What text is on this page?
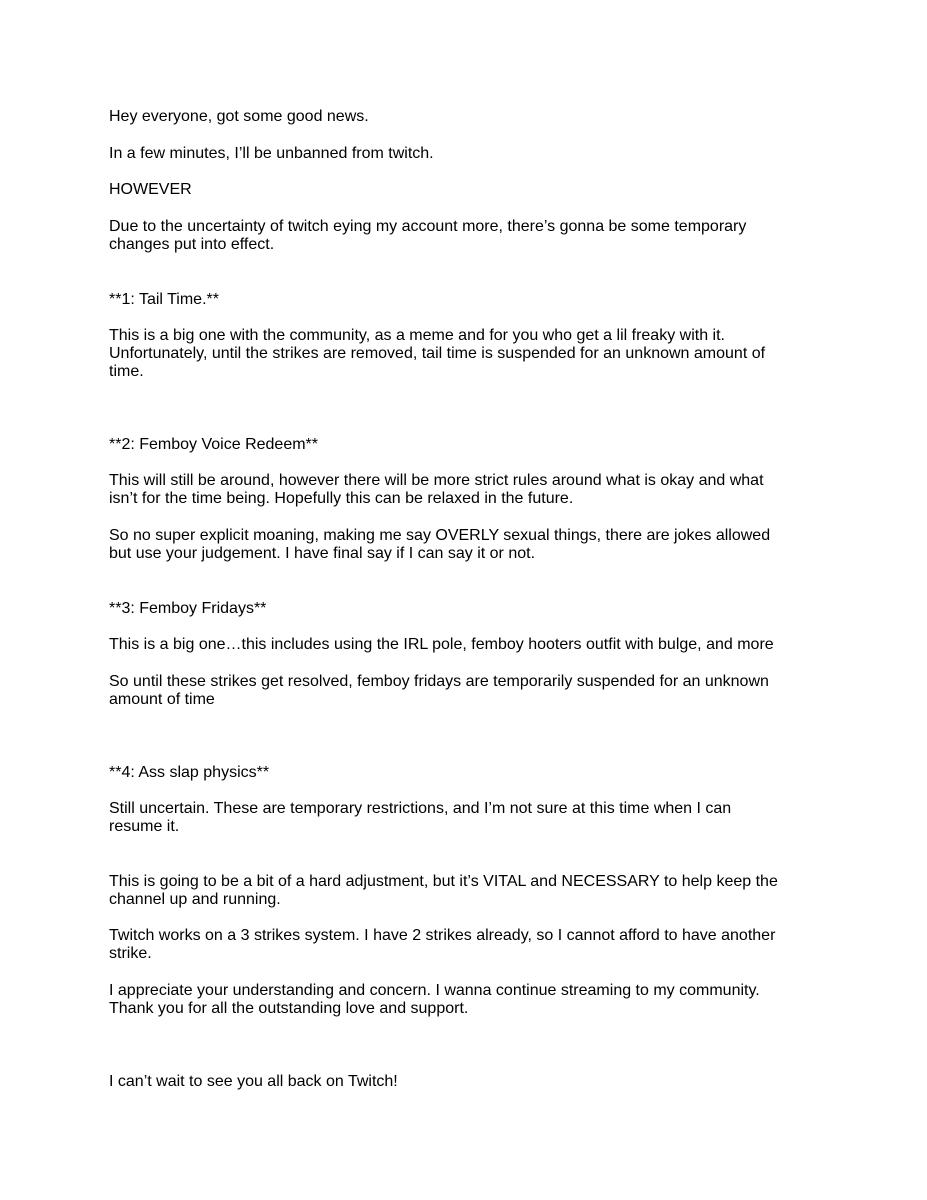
Hey everyone, got some good news.

In a few minutes, I’ll be unbanned from twitch.

HOWEVER

Due to the uncertainty of twitch eying my account more, there’s gonna be some temporary

changes put into effect.

**1: Tail Time.**

This is a big one with the community, as a meme and for you who get a lil freaky with it.

Unfortunately, until the strikes are removed, tail time is suspended for an unknown amount of

time.

**2: Femboy Voice Redeem**

This will still be around, however there will be more strict rules around what is okay and what

isn’t for the time being. Hopefully this can be relaxed in the future.

So no super explicit moaning, making me say OVERLY sexual things, there are jokes allowed

but use your judgement. I have final say if I can say it or not.

**3: Femboy Fridays**

This is a big one…this includes using the IRL pole, femboy hooters outfit with bulge, and more

So until these strikes get resolved, femboy fridays are temporarily suspended for an unknown

amount of time

**4: Ass slap physics**

Still uncertain. These are temporary restrictions, and I’m not sure at this time when I can

resume it.

This is going to be a bit of a hard adjustment, but it’s VITAL and NECESSARY to help keep the

channel up and running.

Twitch works on a 3 strikes system. I have 2 strikes already, so I cannot afford to have another

strike.

I appreciate your understanding and concern. I wanna continue streaming to my community.

Thank you for all the outstanding love and support.

I can’t wait to see you all back on Twitch!
